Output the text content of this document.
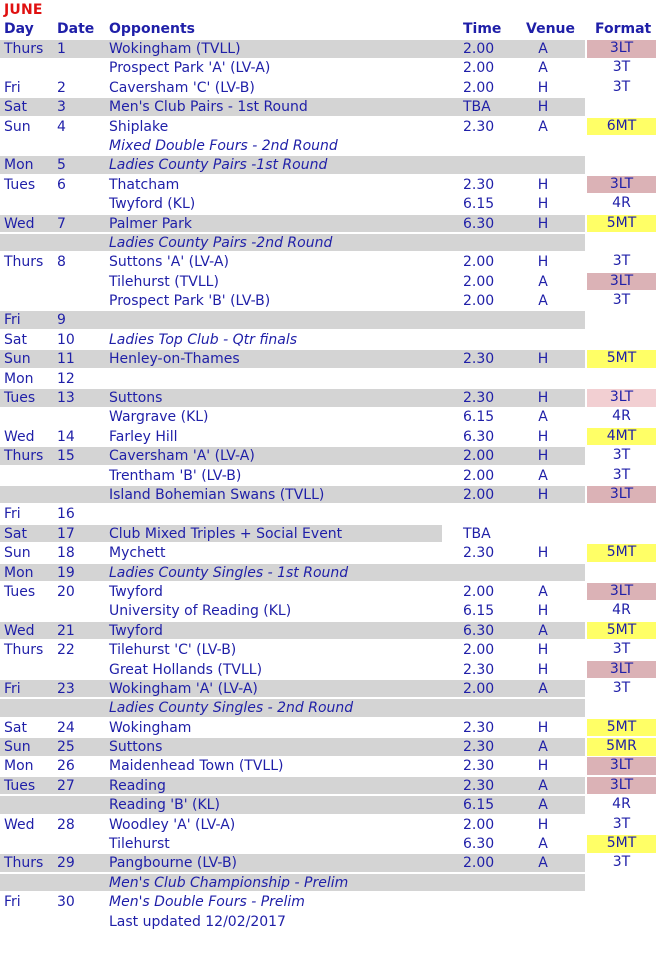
JUNE
Day Date Opponents	Time Venue Format
Thurs 1	Wokingham (TVLL)	2.00	A	3LT
Prospect Park 'A' (LV-A)	2.00	A	3T
Fri	2	Caversham 'C' (LV-B)	2.00	H	3T
Sat 3	Men's Club Pairs - 1st Round	TBA	H
Sun 4	Shiplake	2.30	A	6MT
Mixed Double Fours - 2nd Round
Mon 5	Ladies County Pairs -1st Round
Tues 6	Thatcham	2.30	H	3LT
Twyford (KL)	6.15	H	4R
Wed 7	Palmer Park	6.30	H	5MT
Ladies County Pairs -2nd Round
Thurs 8	Suttons 'A' (LV-A)	2.00	H	3T
Tilehurst (TVLL)	2.00	A	3LT
Prospect Park 'B' (LV-B)	2.00	A	3T
Fri	9
Sat 10 Ladies Top Club - Qtr finals
Sun 11 Henley-on-Thames	2.30	H	5MT
Mon 12
Tues 13 Suttons	2.30	H	3LT
Wargrave (KL)	6.15	A	4R
Wed 14 Farley Hill	6.30	H	4MT
Thurs 15 Caversham 'A' (LV-A)	2.00	H	3T
Trentham 'B' (LV-B)	2.00	A	3T
Island Bohemian Swans (TVLL)	2.00	H	3LT
Fri	16
Sat 17 Club Mixed Triples + Social Event	TBA
Sun 18 Mychett	2.30	H	5MT
Mon 19 Ladies County Singles - 1st Round
Tues 20 Twyford	2.00	A	3LT
University of Reading (KL)	6.15	H	4R
Wed 21 Twyford	6.30	A	5MT
Thurs 22 Tilehurst 'C' (LV-B)	2.00	H	3T
Great Hollands (TVLL)	2.30	H	3LT
Fri	23 Wokingham 'A' (LV-A)	2.00	A	3T
Ladies County Singles - 2nd Round
Sat 24 Wokingham	2.30	H	5MT
Sun 25 Suttons	2.30	A	5MR
Mon 26 Maidenhead Town (TVLL)	2.30	H	3LT
Tues 27 Reading	2.30	A	3LT
Reading 'B' (KL)	6.15	A	4R
Wed 28 Woodley 'A' (LV-A)	2.00	H	3T
Tilehurst	6.30	A	5MT
Thurs 29 Pangbourne (LV-B)	2.00	A	3T
Men's Club Championship - Prelim
Fri	30 Men's Double Fours - Prelim
Last updated 12/02/2017
